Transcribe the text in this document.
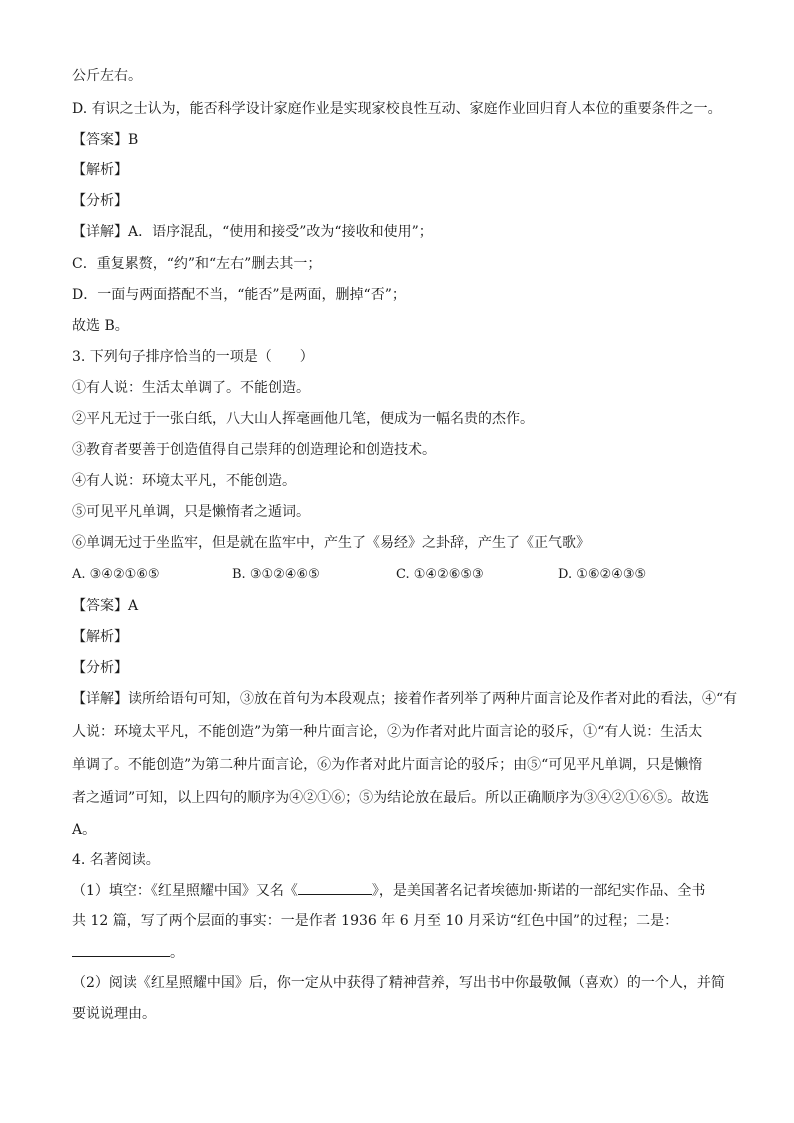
公斤左右。
D. 有识之士认为，能否科学设计家庭作业是实现家校良性互动、家庭作业回归育人本位的重要条件之一。
【答案】B
【解析】
【分析】
【详解】A．语序混乱，“使用和接受”改为“接收和使用”；
C．重复累赘，“约”和“左右”删去其一；
D．一面与两面搭配不当，“能否”是两面，删掉“否”；
故选 B。
3. 下列句子排序恰当的一项是（　　）
①有人说：生活太单调了。不能创造。
②平凡无过于一张白纸，八大山人挥毫画他几笔，便成为一幅名贵的杰作。
③教育者要善于创造值得自己崇拜的创造理论和创造技术。
④有人说：环境太平凡，不能创造。
⑤可见平凡单调，只是懒惰者之遁词。
⑥单调无过于坐监牢，但是就在监牢中，产生了《易经》之卦辞，产生了《正气歌》
A. ③④②①⑥⑤	B. ③①②④⑥⑤	C. ①④②⑥⑤③	D. ①⑥②④③⑤
【答案】A
【解析】
【分析】
【详解】读所给语句可知，③放在首句为本段观点；接着作者列举了两种片面言论及作者对此的看法，④“有
人说：环境太平凡，不能创造”为第一种片面言论，②为作者对此片面言论的驳斥，①“有人说：生活太
单调了。不能创造”为第二种片面言论，⑥为作者对此片面言论的驳斥；由⑤“可见平凡单调，只是懒惰
者之遁词”可知，以上四句的顺序为④②①⑥；⑤为结论放在最后。所以正确顺序为③④②①⑥⑤。故选
A。
4. 名著阅读。
（1）填空：《红星照耀中国》又名《	》，是美国著名记者埃德加·斯诺的一部纪实作品、全书
共 12 篇，写了两个层面的事实：一是作者 1936 年 6 月至 10 月采访“红色中国”的过程；二是：
。
（2）阅读《红星照耀中国》后，你一定从中获得了精神营养，写出书中你最敬佩（喜欢）的一个人，并简
要说说理由。
